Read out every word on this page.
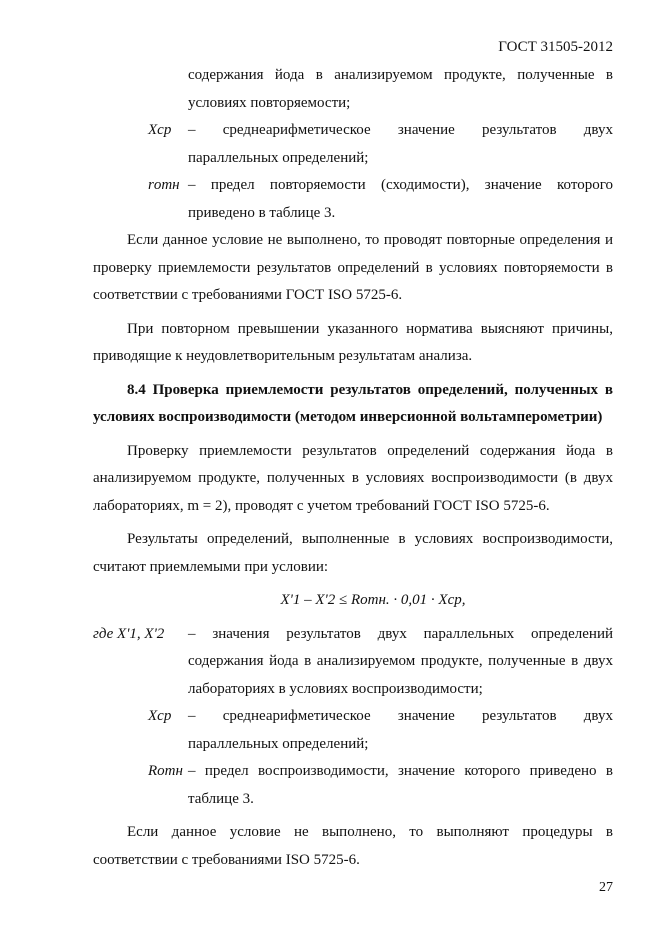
ГОСТ 31505-2012
содержания йода в анализируемом продукте, полученные в условиях повторяемости;
Xср	– среднеарифметическое значение результатов двух параллельных определений;
rотн – предел повторяемости (сходимости), значение которого приведено в таблице 3.

Если данное условие не выполнено, то проводят повторные определения и проверку приемлемости результатов определений в условиях повторяемости в соответствии с требованиями ГОСТ ISO 5725-6.

При повторном превышении указанного норматива выясняют причины, приводящие к неудовлетворительным результатам анализа.

8.4 Проверка приемлемости результатов определений, полученных в условиях воспроизводимости (методом инверсионной вольтамперометрии)

Проверку приемлемости результатов определений содержания йода в анализируемом продукте, полученных в условиях воспроизводимости (в двух лабораториях, m = 2), проводят с учетом требований ГОСТ ISO 5725-6.

Результаты определений, выполненные в условиях воспроизводимости, считают приемлемыми при условии:

X'1 – X'2 ≤ Rотн. · 0,01 · Xср,

где X'1, X'2	– значения результатов двух параллельных определений содержания йода в анализируемом продукте, полученные в двух лабораториях в условиях воспроизводимости;
Xср	– среднеарифметическое значение результатов двух параллельных определений;
Rотн – предел воспроизводимости, значение которого приведено в таблице 3.

Если данное условие не выполнено, то выполняют процедуры в соответствии с требованиями ISO 5725-6.

27
